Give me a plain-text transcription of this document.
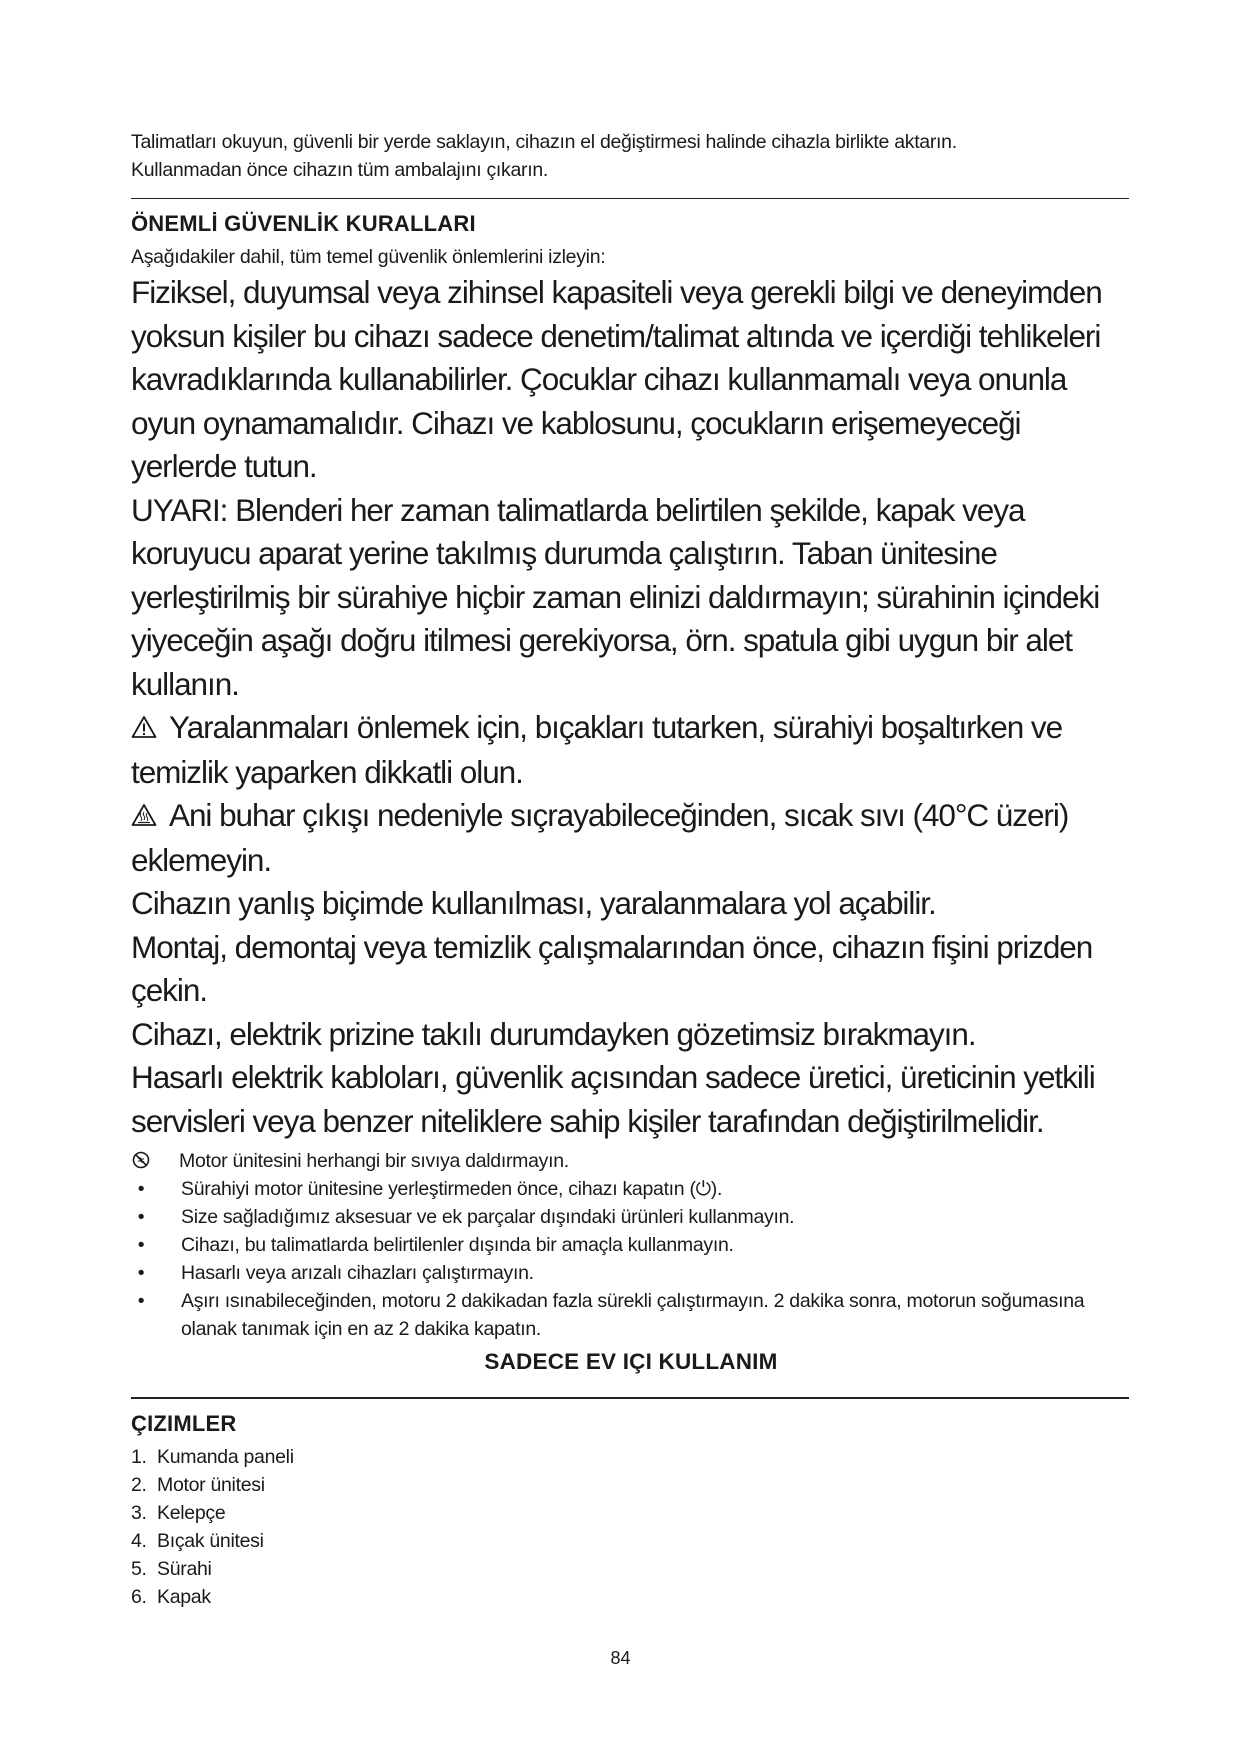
Talimatları okuyun, güvenli bir yerde saklayın, cihazın el değiştirmesi halinde cihazla birlikte aktarın.
Kullanmadan önce cihazın tüm ambalajını çıkarın.
ÖNEMLİ GÜVENLİK KURALLARI
Aşağıdakiler dahil, tüm temel güvenlik önlemlerini izleyin:

Fiziksel, duyumsal veya zihinsel kapasiteli veya gerekli bilgi ve deneyimden yoksun kişiler bu cihazı sadece denetim/talimat altında ve içerdiği tehlikeleri kavradıklarında kullanabilirler. Çocuklar cihazı kullanmamalı veya onunla oyun oynamamalıdır. Cihazı ve kablosunu, çocukların erişemeyeceği yerlerde tutun.

UYARI: Blenderi her zaman talimatlarda belirtilen şekilde, kapak veya koruyucu aparat yerine takılmış durumda çalıştırın. Taban ünitesine yerleştirilmiş bir sürahiye hiçbir zaman elinizi daldırmayın; sürahinin içindeki yiyeceğin aşağı doğru itilmesi gerekiyorsa, örn. spatula gibi uygun bir alet kullanın.

Yaralanmaları önlemek için, bıçakları tutarken, sürahiyi boşaltırken ve temizlik yaparken dikkatli olun.

Ani buhar çıkışı nedeniyle sıçrayabileceğinden, sıcak sıvı (40°C üzeri) eklemeyin.

Cihazın yanlış biçimde kullanılması, yaralanmalara yol açabilir.

Montaj, demontaj veya temizlik çalışmalarından önce, cihazın fişini prizden çekin.

Cihazı, elektrik prizine takılı durumdayken gözetimsiz bırakmayın.

Hasarlı elektrik kabloları, güvenlik açısından sadece üretici, üreticinin yetkili servisleri veya benzer niteliklere sahip kişiler tarafından değiştirilmelidir.

Motor ünitesini herhangi bir sıvıya daldırmayın.
•	Sürahiyi motor ünitesine yerleştirmeden önce, cihazı kapatın (⏻).
•	Size sağladığımız aksesuar ve ek parçalar dışındaki ürünleri kullanmayın.
•	Cihazı, bu talimatlarda belirtilenler dışında bir amaçla kullanmayın.
•	Hasarlı veya arızalı cihazları çalıştırmayın.
•	Aşırı ısınabileceğinden, motoru 2 dakikadan fazla sürekli çalıştırmayın. 2 dakika sonra, motorun soğumasına olanak tanımak için en az 2 dakika kapatın.
SADECE EV IÇI KULLANIM
ÇIZIMLER
1. Kumanda paneli
2. Motor ünitesi
3. Kelepçe
4. Bıçak ünitesi
5. Sürahi
6. Kapak
84
